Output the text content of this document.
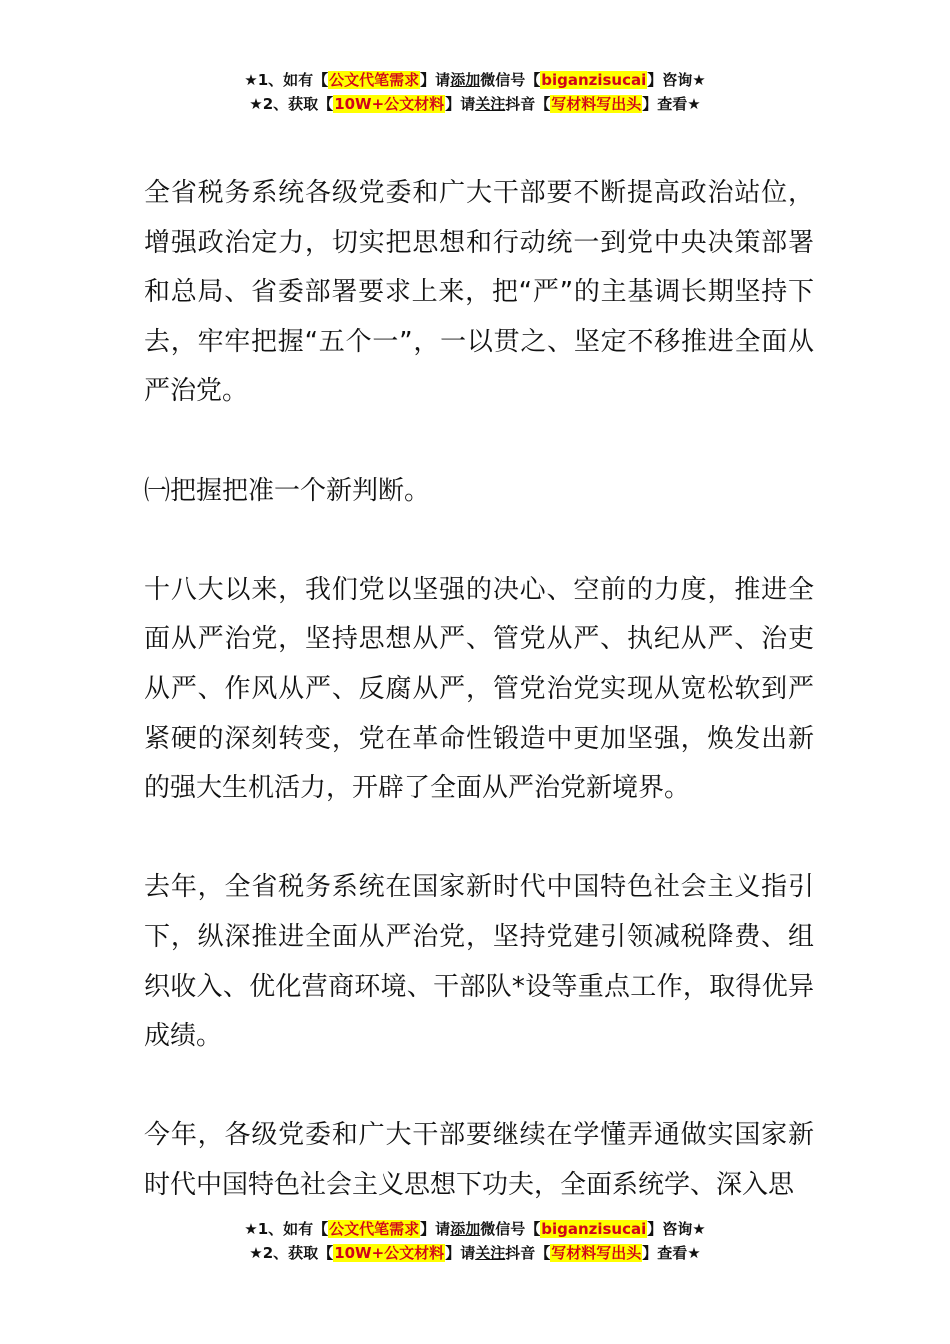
★1、如有【公文代笔需求】请添加微信号【biganzisucai】咨询★
★2、获取【10W+公文材料】请关注抖音【写材料写出头】查看★

全省税务系统各级党委和广大干部要不断提高政治站位，增强政治定力，切实把思想和行动统一到党中央决策部署和总局、省委部署要求上来，把“严”的主基调长期坚持下去，牢牢把握“五个一”，一以贯之、坚定不移推进全面从严治党。

㈠把握把准一个新判断。

十八大以来，我们党以坚强的决心、空前的力度，推进全面从严治党，坚持思想从严、管党从严、执纪从严、治吏从严、作风从严、反腐从严，管党治党实现从宽松软到严紧硬的深刻转变，党在革命性锻造中更加坚强，焕发出新的强大生机活力，开辟了全面从严治党新境界。

去年，全省税务系统在国家新时代中国特色社会主义指引下，纵深推进全面从严治党，坚持党建引领减税降费、组织收入、优化营商环境、干部队*设等重点工作，取得优异成绩。

今年，各级党委和广大干部要继续在学懂弄通做实国家新时代中国特色社会主义思想下功夫，全面系统学、深入思

★1、如有【公文代笔需求】请添加微信号【biganzisucai】咨询★
★2、获取【10W+公文材料】请关注抖音【写材料写出头】查看★
